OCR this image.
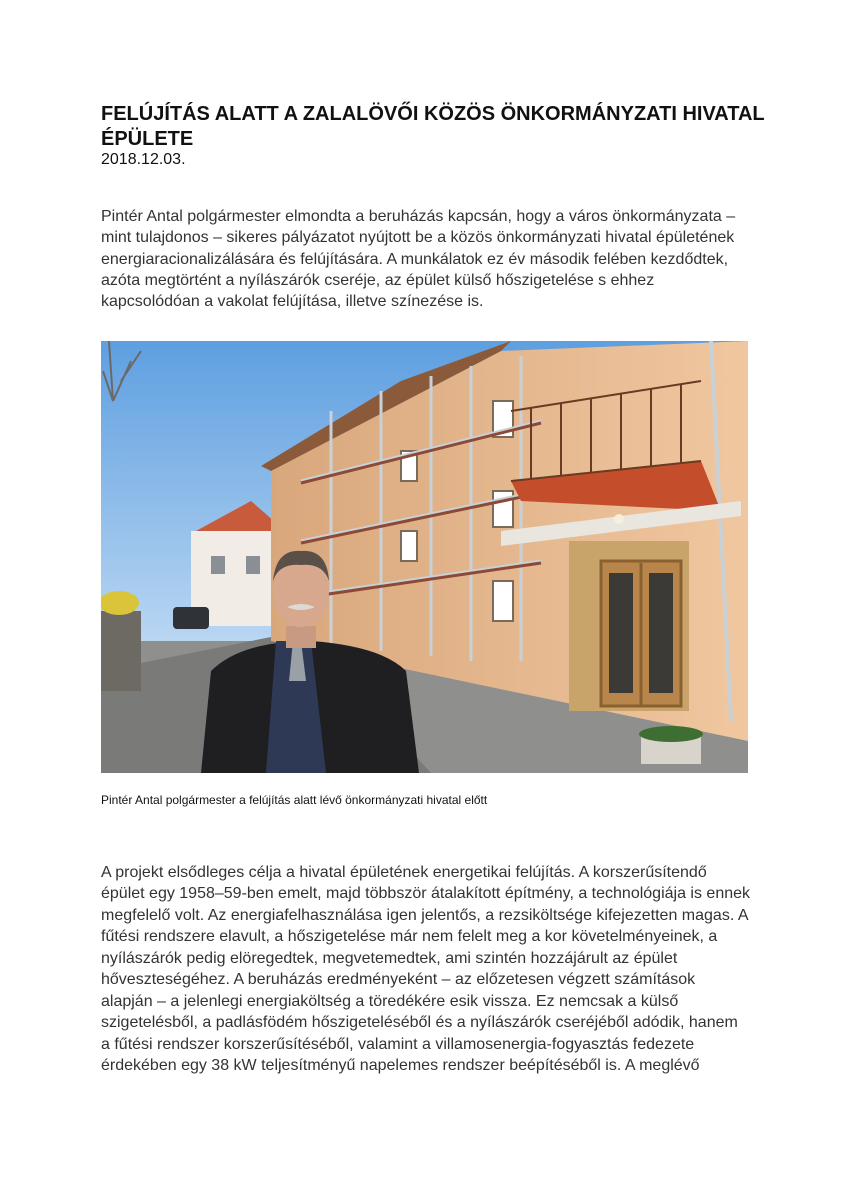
FELÚJÍTÁS ALATT A ZALALÖVŐI KÖZÖS ÖNKORMÁNYZATI HIVATAL ÉPÜLETE
2018.12.03.

Pintér Antal polgármester elmondta a beruházás kapcsán, hogy a város önkormányzata – mint tulajdonos – sikeres pályázatot nyújtott be a közös önkormányzati hivatal épületének energiaracionalizálására és felújítására. A munkálatok ez év második felében kezdődtek, azóta megtörtént a nyílászárók cseréje, az épület külső hőszigetelése s ehhez kapcsolódóan a vakolat felújítása, illetve színezése is.

Pintér Antal polgármester a felújítás alatt lévő önkormányzati hivatal előtt

A projekt elsődleges célja a hivatal épületének energetikai felújítás. A korszerűsítendő épület egy 1958–59-ben emelt, majd többször átalakított építmény, a technológiája is ennek megfelelő volt. Az energiafelhasználása igen jelentős, a rezsiköltsége kifejezetten magas. A fűtési rendszere elavult, a hőszigetelése már nem felelt meg a kor követelményeinek, a nyílászárók pedig elöregedtek, megvetemedtek, ami szintén hozzájárult az épület hőveszteségéhez. A beruházás eredményeként – az előzetesen végzett számítások alapján – a jelenlegi energiaköltség a töredékére esik vissza. Ez nemcsak a külső szigetelésből, a padlásfödém hőszigeteléséből és a nyílászárók cseréjéből adódik, hanem a fűtési rendszer korszerűsítéséből, valamint a villamosenergia-fogyasztás fedezete érdekében egy 38 kW teljesítményű napelemes rendszer beépítéséből is. A meglévő
